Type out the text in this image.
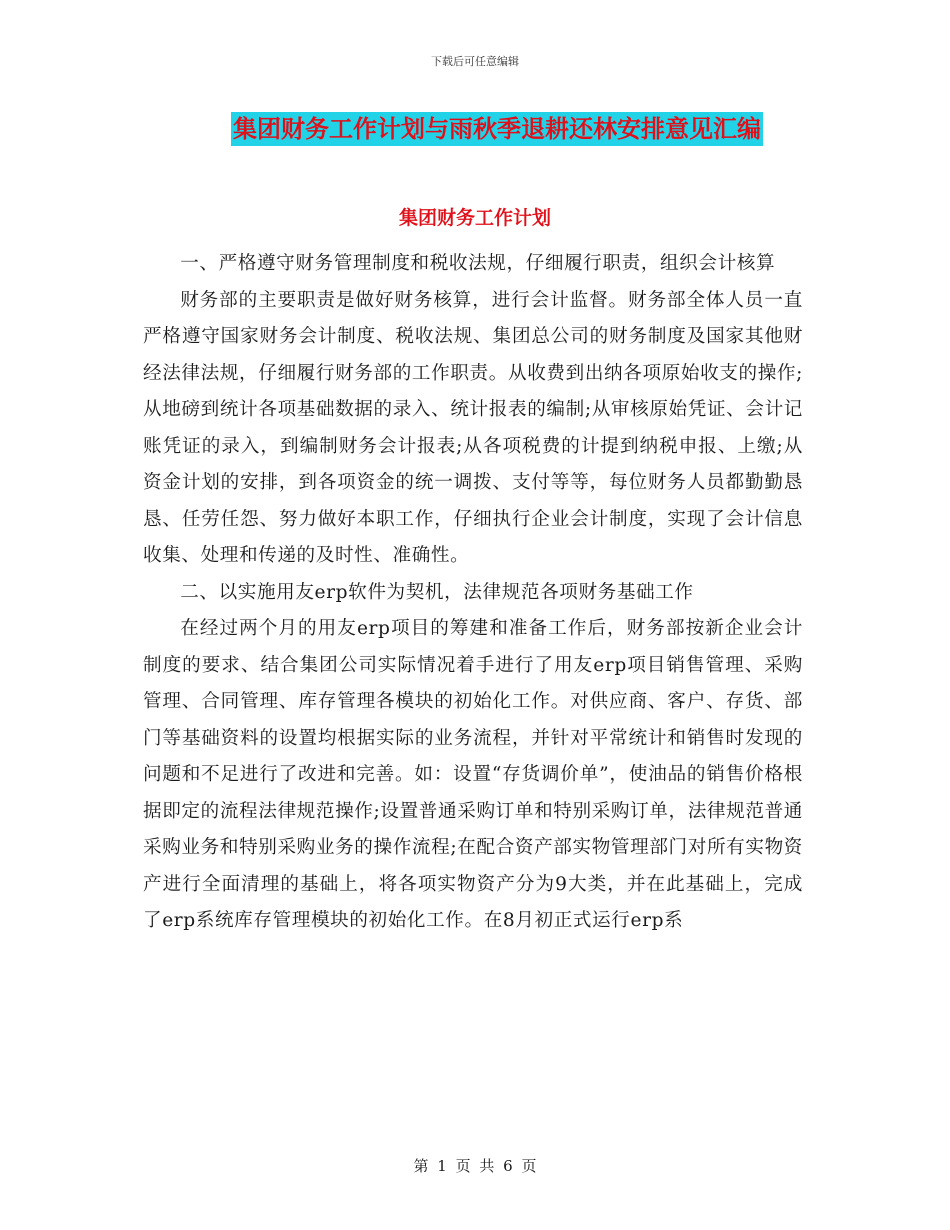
下载后可任意编辑
集团财务工作计划与雨秋季退耕还林安排意见汇编
集团财务工作计划

一、严格遵守财务管理制度和税收法规，仔细履行职责，组织会计核算

财务部的主要职责是做好财务核算，进行会计监督。财务部全体人员一直严格遵守国家财务会计制度、税收法规、集团总公司的财务制度及国家其他财经法律法规，仔细履行财务部的工作职责。从收费到出纳各项原始收支的操作;从地磅到统计各项基础数据的录入、统计报表的编制;从审核原始凭证、会计记账凭证的录入，到编制财务会计报表;从各项税费的计提到纳税申报、上缴;从资金计划的安排，到各项资金的统一调拨、支付等等，每位财务人员都勤勤恳恳、任劳任怨、努力做好本职工作，仔细执行企业会计制度，实现了会计信息收集、处理和传递的及时性、准确性。

二、以实施用友erp软件为契机，法律规范各项财务基础工作

在经过两个月的用友erp项目的筹建和准备工作后，财务部按新企业会计制度的要求、结合集团公司实际情况着手进行了用友erp项目销售管理、采购管理、合同管理、库存管理各模块的初始化工作。对供应商、客户、存货、部门等基础资料的设置均根据实际的业务流程，并针对平常统计和销售时发现的问题和不足进行了改进和完善。如：设置“存货调价单”，使油品的销售价格根据即定的流程法律规范操作;设置普通采购订单和特别采购订单，法律规范普通采购业务和特别采购业务的操作流程;在配合资产部实物管理部门对所有实物资产进行全面清理的基础上，将各项实物资产分为9大类，并在此基础上，完成了erp系统库存管理模块的初始化工作。在8月初正式运行erp系

第 1 页 共 6 页
